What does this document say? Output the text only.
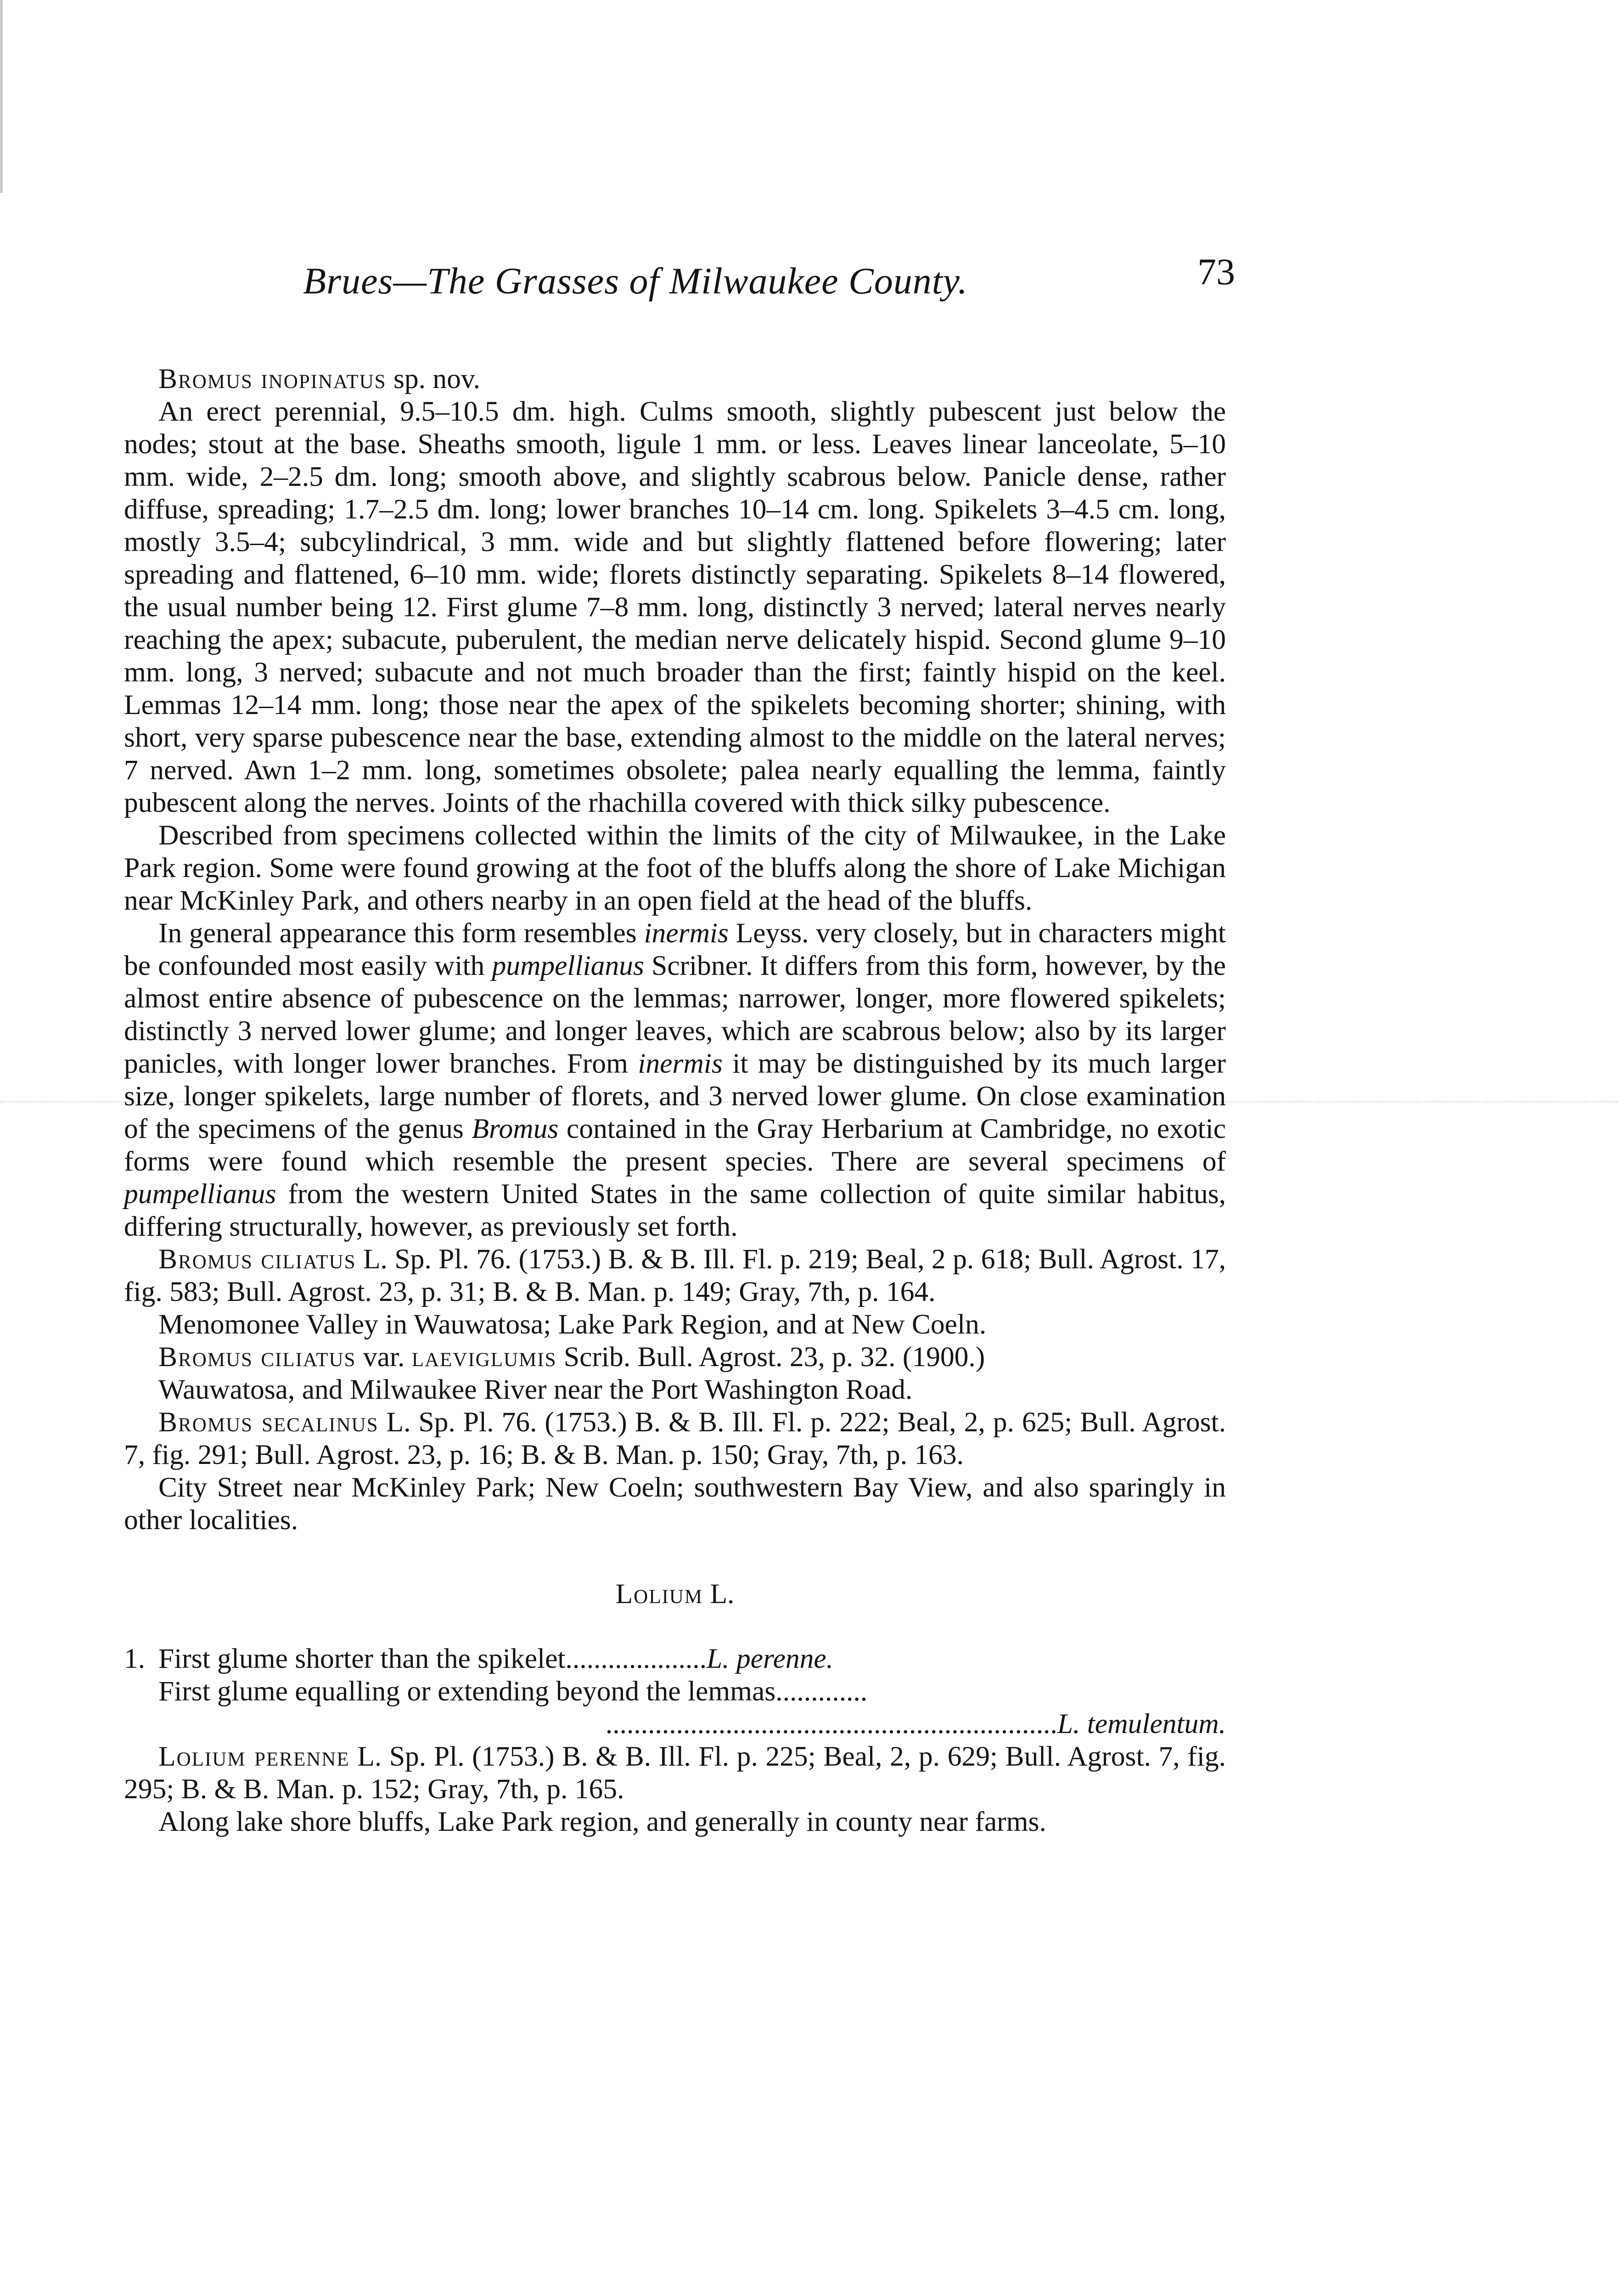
Brues—The Grasses of Milwaukee County.	73

Bromus inopinatus sp. nov.

An erect perennial, 9.5–10.5 dm. high. Culms smooth, slightly pubescent just below the nodes; stout at the base. Sheaths smooth, ligule 1 mm. or less. Leaves linear lanceolate, 5–10 mm. wide, 2–2.5 dm. long; smooth above, and slightly scabrous below. Panicle dense, rather diffuse, spreading; 1.7–2.5 dm. long; lower branches 10–14 cm. long. Spikelets 3–4.5 cm. long, mostly 3.5–4; subcylindrical, 3 mm. wide and but slightly flattened before flowering; later spreading and flattened, 6–10 mm. wide; florets distinctly separating. Spikelets 8–14 flowered, the usual number being 12. First glume 7–8 mm. long, distinctly 3 nerved; lateral nerves nearly reaching the apex; subacute, puberulent, the median nerve delicately hispid. Second glume 9–10 mm. long, 3 nerved; subacute and not much broader than the first; faintly hispid on the keel. Lemmas 12–14 mm. long; those near the apex of the spikelets becoming shorter; shining, with short, very sparse pubescence near the base, extending almost to the middle on the lateral nerves; 7 nerved. Awn 1–2 mm. long, sometimes obsolete; palea nearly equalling the lemma, faintly pubescent along the nerves. Joints of the rhachilla covered with thick silky pubescence.

Described from specimens collected within the limits of the city of Milwaukee, in the Lake Park region. Some were found growing at the foot of the bluffs along the shore of Lake Michigan near McKinley Park, and others nearby in an open field at the head of the bluffs.

In general appearance this form resembles inermis Leyss. very closely, but in characters might be confounded most easily with pumpellianus Scribner. It differs from this form, however, by the almost entire absence of pubescence on the lemmas; narrower, longer, more flowered spikelets; distinctly 3 nerved lower glume; and longer leaves, which are scabrous below; also by its larger panicles, with longer lower branches. From inermis it may be distinguished by its much larger size, longer spikelets, large number of florets, and 3 nerved lower glume. On close examination of the specimens of the genus Bromus contained in the Gray Herbarium at Cambridge, no exotic forms were found which resemble the present species. There are several specimens of pumpellianus from the western United States in the same collection of quite similar habitus, differing structurally, however, as previously set forth.

Bromus ciliatus L. Sp. Pl. 76. (1753.) B. & B. Ill. Fl. p. 219; Beal, 2 p. 618; Bull. Agrost. 17, fig. 583; Bull. Agrost. 23, p. 31; B. & B. Man. p. 149; Gray, 7th, p. 164.

Menomonee Valley in Wauwatosa; Lake Park Region, and at New Coeln.

Bromus ciliatus var. laeviglumis Scrib. Bull. Agrost. 23, p. 32. (1900.)

Wauwatosa, and Milwaukee River near the Port Washington Road.

Bromus secalinus L. Sp. Pl. 76. (1753.) B. & B. Ill. Fl. p. 222; Beal, 2, p. 625; Bull. Agrost. 7, fig. 291; Bull. Agrost. 23, p. 16; B. & B. Man. p. 150; Gray, 7th, p. 163.

City Street near McKinley Park; New Coeln; southwestern Bay View, and also sparingly in other localities.

Lolium L.

1. First glume shorter than the spikelet....................L. perenne.
First glume equalling or extending beyond the lemmas.............
................................................................L. temulentum.

Lolium perenne L. Sp. Pl. (1753.) B. & B. Ill. Fl. p. 225; Beal, 2, p. 629; Bull. Agrost. 7, fig. 295; B. & B. Man. p. 152; Gray, 7th, p. 165.

Along lake shore bluffs, Lake Park region, and generally in county near farms.
